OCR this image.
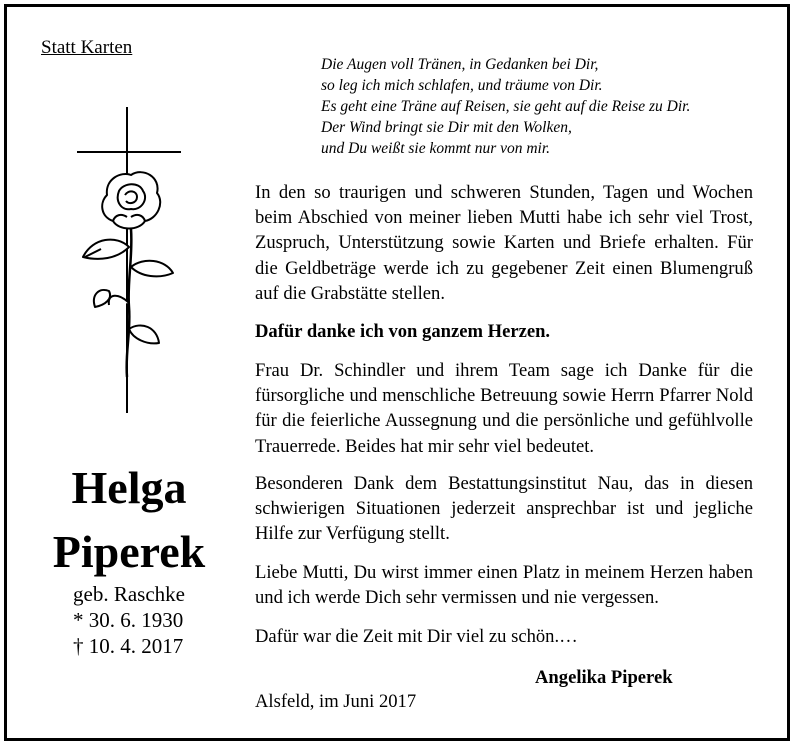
Statt Karten
Die Augen voll Tränen, in Gedanken bei Dir,
so leg ich mich schlafen, und träume von Dir.
Es geht eine Träne auf Reisen, sie geht auf die Reise zu Dir.
Der Wind bringt sie Dir mit den Wolken,
und Du weißt sie kommt nur von mir.
Helga
Piperek
geb. Raschke
* 30. 6. 1930
† 10. 4. 2017
In den so traurigen und schweren Stunden, Tagen und Wochen beim Abschied von meiner lieben Mutti habe ich sehr viel Trost, Zuspruch, Unterstützung sowie Karten und Briefe erhalten. Für die Geldbeträge werde ich zu gegebener Zeit einen Blumengruß auf die Grabstätte stellen.
Dafür danke ich von ganzem Herzen.
Frau Dr. Schindler und ihrem Team sage ich Danke für die fürsorgliche und menschliche Betreuung sowie Herrn Pfarrer Nold für die feierliche Aussegnung und die persönliche und gefühlvolle Trauerrede. Beides hat mir sehr viel bedeutet.
Besonderen Dank dem Bestattungsinstitut Nau, das in diesen schwierigen Situationen jederzeit ansprechbar ist und jegliche Hilfe zur Verfügung stellt.
Liebe Mutti, Du wirst immer einen Platz in meinem Herzen haben und ich werde Dich sehr vermissen und nie vergessen.
Dafür war die Zeit mit Dir viel zu schön.…
Angelika Piperek
Alsfeld, im Juni 2017
